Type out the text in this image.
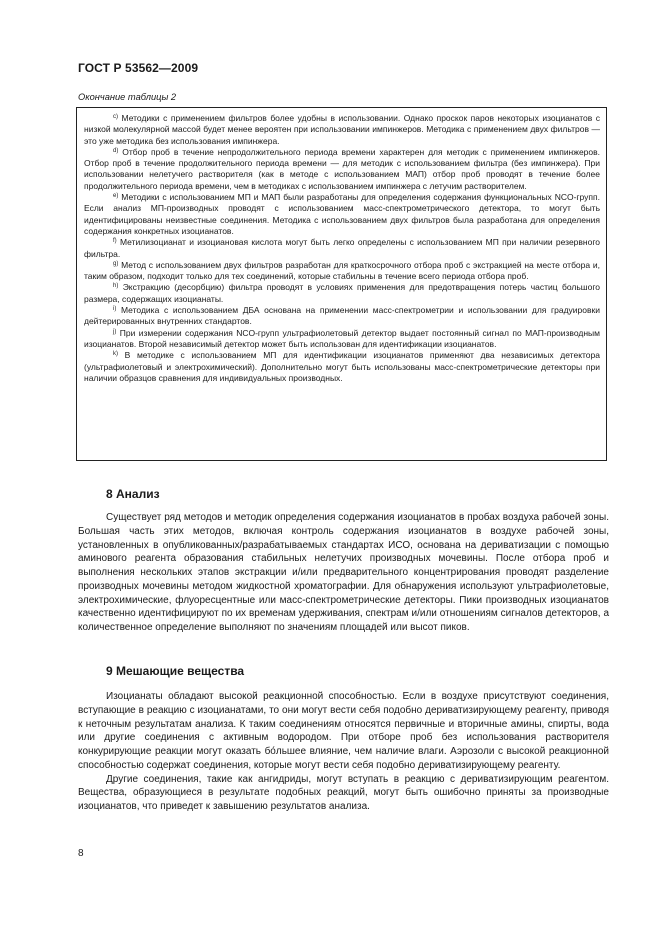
ГОСТ Р 53562—2009
Окончание таблицы 2

$^{c)}$ Методики с применением фильтров более удобны в использовании. Однако проскок паров некоторых изоцианатов с низкой молекулярной массой будет менее вероятен при использовании импинжеров. Методика с применением двух фильтров — это уже методика без использования импинжера.

$^{d)}$ Отбор проб в течение непродолжительного периода времени характерен для методик с применением импинжеров. Отбор проб в течение продолжительного периода времени — для методик с использованием фильтра (без импинжера). При использовании нелетучего растворителя (как в методе с использованием МАП) отбор проб проводят в течение более продолжительного периода времени, чем в методиках с использованием импинжера с летучим растворителем.

$^{e)}$ Методики с использованием МП и МАП были разработаны для определения содержания функциональных NCO-групп. Если анализ МП-производных проводят с использованием масс-спектрометрического детектора, то могут быть идентифицированы неизвестные соединения. Методика с использованием двух фильтров была разработана для определения содержания конкретных изоцианатов.

$^{f)}$ Метилизоцианат и изоциановая кислота могут быть легко определены с использованием МП при наличии резервного фильтра.

$^{g)}$ Метод с использованием двух фильтров разработан для краткосрочного отбора проб с экстракцией на месте отбора и, таким образом, подходит только для тех соединений, которые стабильны в течение всего периода отбора проб.

$^{h)}$ Экстракцию (десорбцию) фильтра проводят в условиях применения для предотвращения потерь частиц большого размера, содержащих изоцианаты.

$^{i)}$ Методика с использованием ДБА основана на применении масс-спектрометрии и использовании для градуировки дейтерированных внутренних стандартов.

$^{j)}$ При измерении содержания NCO-групп ультрафиолетовый детектор выдает постоянный сигнал по МАП-производным изоцианатов. Второй независимый детектор может быть использован для идентификации изоцианатов.

$^{k)}$ В методике с использованием МП для идентификации изоцианатов применяют два независимых детектора (ультрафиолетовый и электрохимический). Дополнительно могут быть использованы масс-спектрометрические детекторы при наличии образцов сравнения для индивидуальных производных.

8 Анализ

Существует ряд методов и методик определения содержания изоцианатов в пробах воздуха рабочей зоны. Большая часть этих методов, включая контроль содержания изоцианатов в воздухе рабочей зоны, установленных в опубликованных/разрабатываемых стандартах ИСО, основана на дериватизации с помощью аминового реагента образования стабильных нелетучих производных мочевины. После отбора проб и выполнения нескольких этапов экстракции и/или предварительного концентрирования проводят разделение производных мочевины методом жидкостной хроматографии. Для обнаружения используют ультрафиолетовые, электрохимические, флуоресцентные или масс-спектрометрические детекторы. Пики производных изоцианатов качественно идентифицируют по их временам удерживания, спектрам и/или отношениям сигналов детекторов, а количественное определение выполняют по значениям площадей или высот пиков.

9 Мешающие вещества

Изоцианаты обладают высокой реакционной способностью. Если в воздухе присутствуют соединения, вступающие в реакцию с изоцианатами, то они могут вести себя подобно дериватизирующему реагенту, приводя к неточным результатам анализа. К таким соединениям относятся первичные и вторичные амины, спирты, вода или другие соединения с активным водородом. При отборе проб без использования растворителя конкурирующие реакции могут оказать бо́льшее влияние, чем наличие влаги. Аэрозоли с высокой реакционной способностью содержат соединения, которые могут вести себя подобно дериватизирующему реагенту.

Другие соединения, такие как ангидриды, могут вступать в реакцию с дериватизирующим реагентом. Вещества, образующиеся в результате подобных реакций, могут быть ошибочно приняты за производные изоцианатов, что приведет к завышению результатов анализа.

8
